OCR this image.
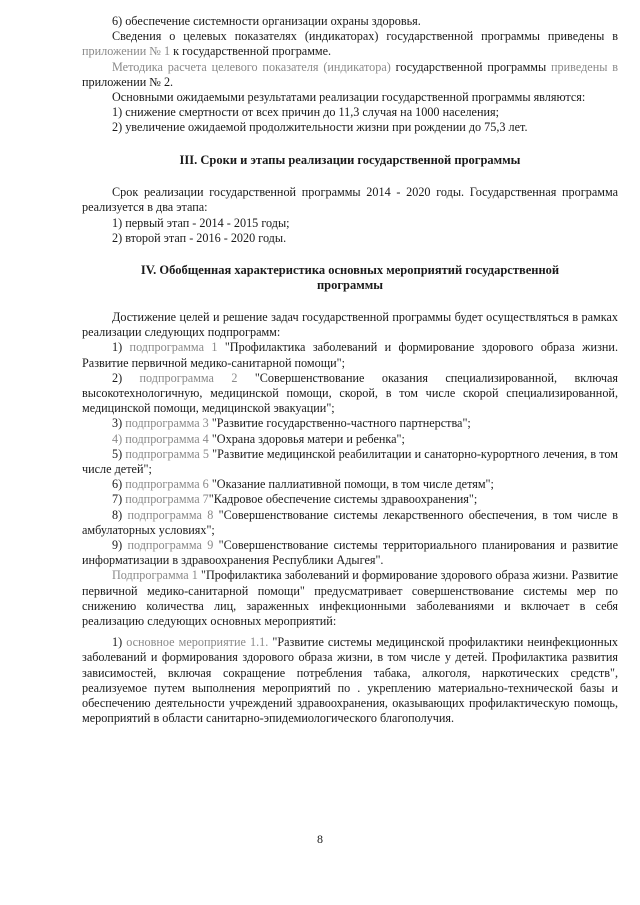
6) обеспечение системности организации охраны здоровья.

Сведения о целевых показателях (индикаторах) государственной программы приведены в приложении № 1 к государственной программе.

Методика расчета целевого показателя (индикатора) государственной программы приведены в приложении № 2.

Основными ожидаемыми результатами реализации государственной программы являются:

1) снижение смертности от всех причин до 11,3 случая на 1000 населения;

2) увеличение ожидаемой продолжительности жизни при рождении до 75,3 лет.

III. Сроки и этапы реализации государственной программы

Срок реализации государственной программы 2014 - 2020 годы. Государственная программа реализуется в два этапа:

1) первый этап - 2014 - 2015 годы;

2) второй этап - 2016 - 2020 годы.

IV. Обобщенная характеристика основных мероприятий государственной
программы

Достижение целей и решение задач государственной программы будет осуществляться в рамках реализации следующих подпрограмм:

1) подпрограмма 1 "Профилактика заболеваний и формирование здорового образа жизни. Развитие первичной медико-санитарной помощи";

2) подпрограмма 2 "Совершенствование оказания специализированной, включая высокотехнологичную, медицинской помощи, скорой, в том числе скорой специализированной, медицинской помощи, медицинской эвакуации";

3) подпрограмма 3 "Развитие государственно-частного партнерства";

4) подпрограмма 4 "Охрана здоровья матери и ребенка";

5) подпрограмма 5 "Развитие медицинской реабилитации и санаторно-курортного лечения, в том числе детей";

6) подпрограмма 6 "Оказание паллиативной помощи, в том числе детям";

7) подпрограмма 7"Кадровое обеспечение системы здравоохранения";

8) подпрограмма 8 "Совершенствование системы лекарственного обеспечения, в том числе в амбулаторных условиях";

9) подпрограмма 9 "Совершенствование системы территориального планирования и развитие информатизации в здравоохранения Республики Адыгея".

Подпрограмма 1 "Профилактика заболеваний и формирование здорового образа жизни. Развитие первичной медико-санитарной помощи" предусматривает совершенствование системы мер по снижению количества лиц, зараженных инфекционными заболеваниями и включает в себя реализацию следующих основных мероприятий:

1) основное мероприятие 1.1. "Развитие системы медицинской профилактики неинфекционных заболеваний и формирования здорового образа жизни, в том числе у детей. Профилактика развития зависимостей, включая сокращение потребления табака, алкоголя, наркотических средств", реализуемое путем выполнения мероприятий по . укреплению материально-технической базы и обеспечению деятельности учреждений здравоохранения, оказывающих профилактическую помощь, мероприятий в области санитарно-эпидемиологического благополучия.

8
